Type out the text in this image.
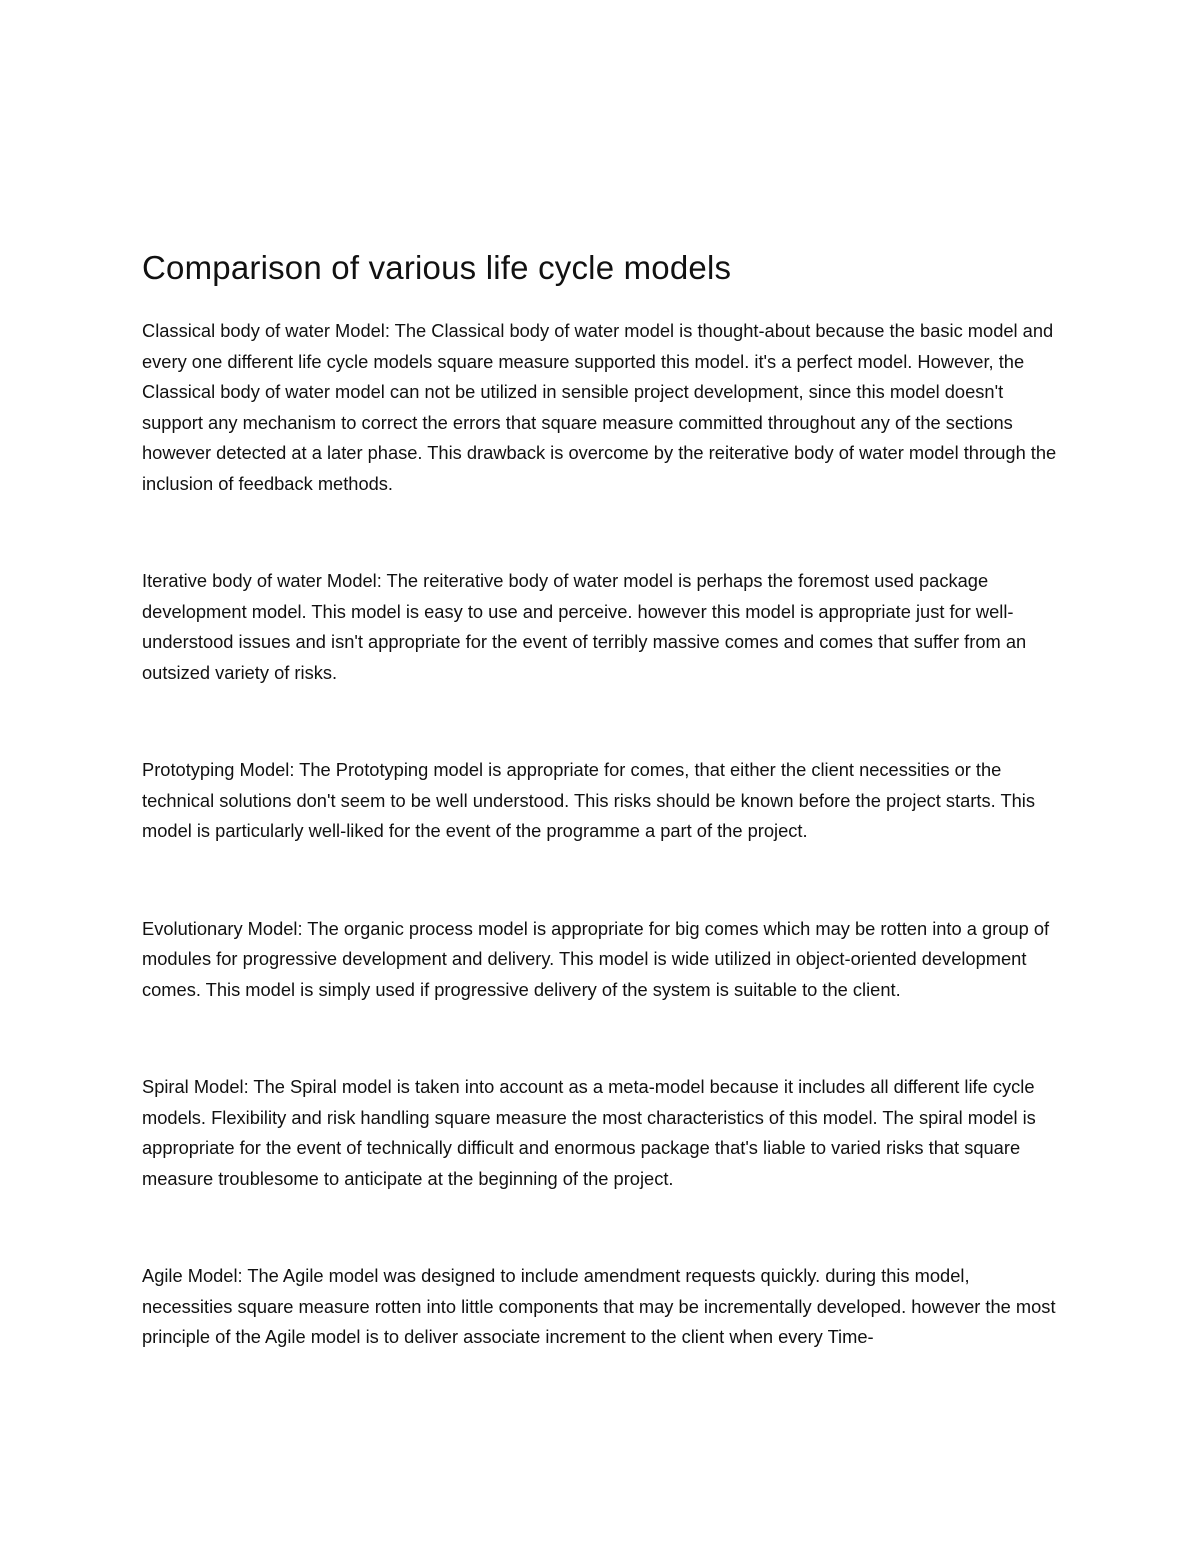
Comparison of various life cycle models

Classical body of water Model: The Classical body of water model is thought-about because the basic model and every one different life cycle models square measure supported this model. it's a perfect model. However, the Classical body of water model can not be utilized in sensible project development, since this model doesn't support any mechanism to correct the errors that square measure committed throughout any of the sections however detected at a later phase. This drawback is overcome by the reiterative body of water model through the inclusion of feedback methods.

Iterative body of water Model: The reiterative body of water model is perhaps the foremost used package development model. This model is easy to use and perceive. however this model is appropriate just for well-understood issues and isn't appropriate for the event of terribly massive comes and comes that suffer from an outsized variety of risks.

Prototyping Model: The Prototyping model is appropriate for comes, that either the client necessities or the technical solutions don't seem to be well understood. This risks should be known before the project starts. This model is particularly well-liked for the event of the programme a part of the project.

Evolutionary Model: The organic process model is appropriate for big comes which may be rotten into a group of modules for progressive development and delivery. This model is wide utilized in object-oriented development comes. This model is simply used if progressive delivery of the system is suitable to the client.

Spiral Model: The Spiral model is taken into account as a meta-model because it includes all different life cycle models. Flexibility and risk handling square measure the most characteristics of this model. The spiral model is appropriate for the event of technically difficult and enormous package that's liable to varied risks that square measure troublesome to anticipate at the beginning of the project.

Agile Model: The Agile model was designed to include amendment requests quickly. during this model, necessities square measure rotten into little components that may be incrementally developed. however the most principle of the Agile model is to deliver associate increment to the client when every Time-
